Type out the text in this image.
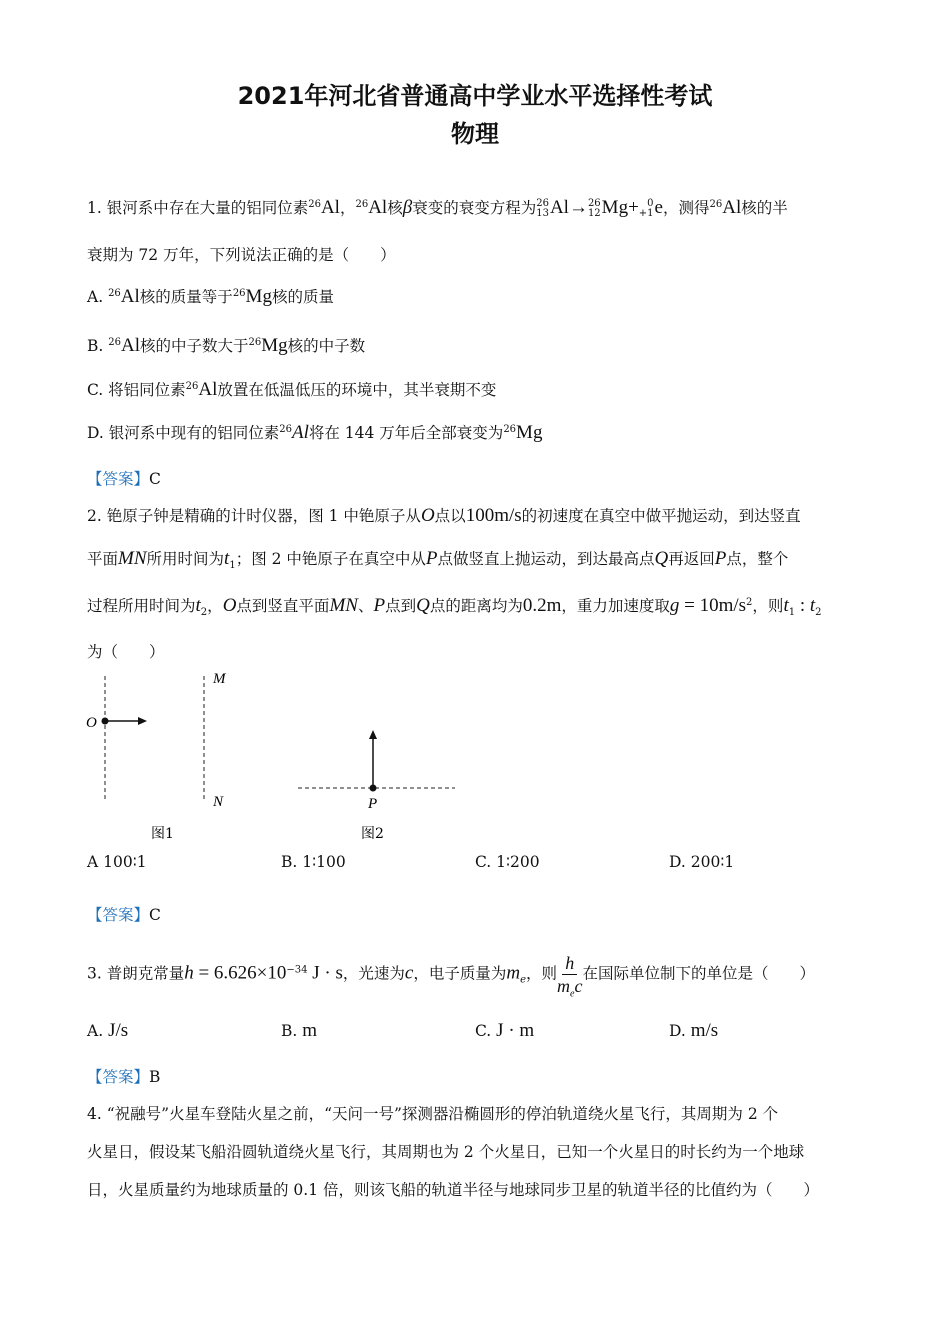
2021年河北省普通高中学业水平选择性考试
物理
1. 银河系中存在大量的铝同位素$^{26}$Al，$^{26}$Al核β衰变的衰变方程为 26
13 Al→ 26
12 Mg+ 0
+1 e，测得$^{26}$Al核的半
衰期为 72 万年，下列说法正确的是（　　）
A. $^{26}$Al核的质量等于$^{26}$Mg核的质量
B. $^{26}$Al核的中子数大于$^{26}$Mg核的中子数
C. 将铝同位素$^{26}$Al放置在低温低压的环境中，其半衰期不变
D. 银河系中现有的铝同位素$^{26}$Al将在 144 万年后全部衰变为$^{26}$Mg
【答案】C
2. 铯原子钟是精确的计时仪器，图 1 中铯原子从O点以100m/s的初速度在真空中做平抛运动，到达竖直
平面MN所用时间为$t_1$；图 2 中铯原子在真空中从P点做竖直上抛运动，到达最高点Q再返回P点，整个
过程所用时间为$t_2$，O点到竖直平面MN、P点到Q点的距离均为0.2m，重力加速度取$g = 10m/s^2$，则$t_1$ : $t_2$
为（　　）
M
N
O
P
图1	图2
A 100∶1	B. 1∶100	C. 1∶200	D. 200∶1
【答案】C
3. 普朗克常量$h = 6.626\times 10^{-34}$ J · s，光速为c，电子质量为$m_e$，则 $\frac{h}{m_ec}$ 在国际单位制下的单位是（　　）
A. J/s	B. m	C. J · m	D. m/s
【答案】B
4. “祝融号”火星车登陆火星之前，“天问一号”探测器沿椭圆形的停泊轨道绕火星飞行，其周期为 2 个
火星日，假设某飞船沿圆轨道绕火星飞行，其周期也为 2 个火星日，已知一个火星日的时长约为一个地球
日，火星质量约为地球质量的 0.1 倍，则该飞船的轨道半径与地球同步卫星的轨道半径的比值约为（　　）
